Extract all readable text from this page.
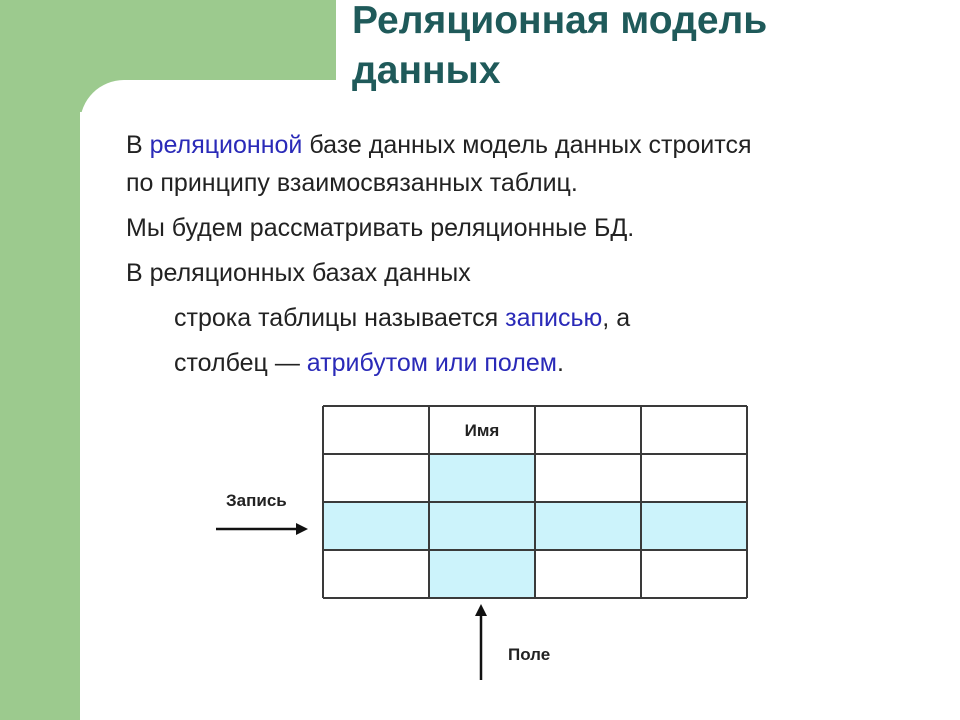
Реляционная модель
данных
В реляционной базе данных модель данных строится
по принципу взаимосвязанных таблиц.
Мы будем рассматривать реляционные БД.
В реляционных базах данных
строка таблицы называется записью, а
столбец — атрибутом или полем.
Имя
Запись
Поле
